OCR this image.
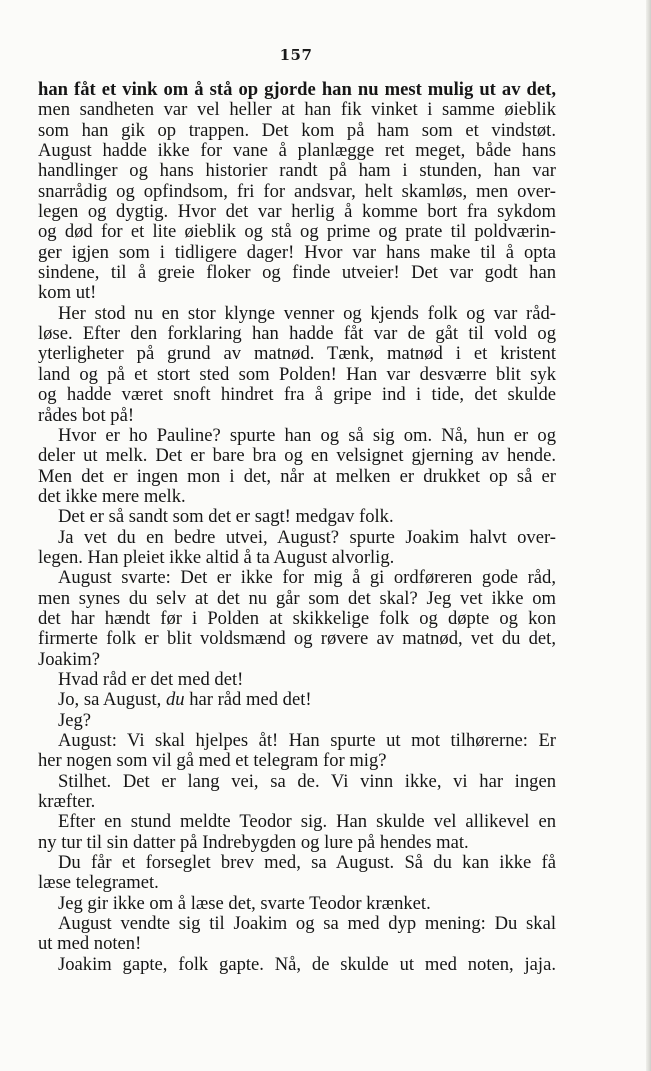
157
han fåt et vink om å stå op gjorde han nu mest mulig ut av det,
men sandheten var vel heller at han fik vinket i samme øieblik
som han gik op trappen. Det kom på ham som et vindstøt.
August hadde ikke for vane å planlægge ret meget, både hans
handlinger og hans historier randt på ham i stunden, han var
snarrådig og opfindsom, fri for andsvar, helt skamløs, men over-
legen og dygtig. Hvor det var herlig å komme bort fra sykdom
og død for et lite øieblik og stå og prime og prate til poldværin-
ger igjen som i tidligere dager! Hvor var hans make til å opta
sindene, til å greie floker og finde utveier! Det var godt han
kom ut!
Her stod nu en stor klynge venner og kjends folk og var råd-
løse. Efter den forklaring han hadde fåt var de gåt til vold og
yterligheter på grund av matnød. Tænk, matnød i et kristent
land og på et stort sted som Polden! Han var desværre blit syk
og hadde været snoft hindret fra å gripe ind i tide, det skulde
rådes bot på!
Hvor er ho Pauline? spurte han og så sig om. Nå, hun er og
deler ut melk. Det er bare bra og en velsignet gjerning av hende.
Men det er ingen mon i det, når at melken er drukket op så er
det ikke mere melk.
Det er så sandt som det er sagt! medgav folk.
Ja vet du en bedre utvei, August? spurte Joakim halvt over-
legen. Han pleiet ikke altid å ta August alvorlig.
August svarte: Det er ikke for mig å gi ordføreren gode råd,
men synes du selv at det nu går som det skal? Jeg vet ikke om
det har hændt før i Polden at skikkelige folk og døpte og kon
firmerte folk er blit voldsmænd og røvere av matnød, vet du det,
Joakim?
Hvad råd er det med det!
Jo, sa August, du har råd med det!
Jeg?
August: Vi skal hjelpes åt! Han spurte ut mot tilhørerne: Er
her nogen som vil gå med et telegram for mig?
Stilhet. Det er lang vei, sa de. Vi vinn ikke, vi har ingen
kræfter.
Efter en stund meldte Teodor sig. Han skulde vel allikevel en
ny tur til sin datter på Indrebygden og lure på hendes mat.
Du får et forseglet brev med, sa August. Så du kan ikke få
læse telegramet.
Jeg gir ikke om å læse det, svarte Teodor krænket.
August vendte sig til Joakim og sa med dyp mening: Du skal
ut med noten!
Joakim gapte, folk gapte. Nå, de skulde ut med noten, jaja.
